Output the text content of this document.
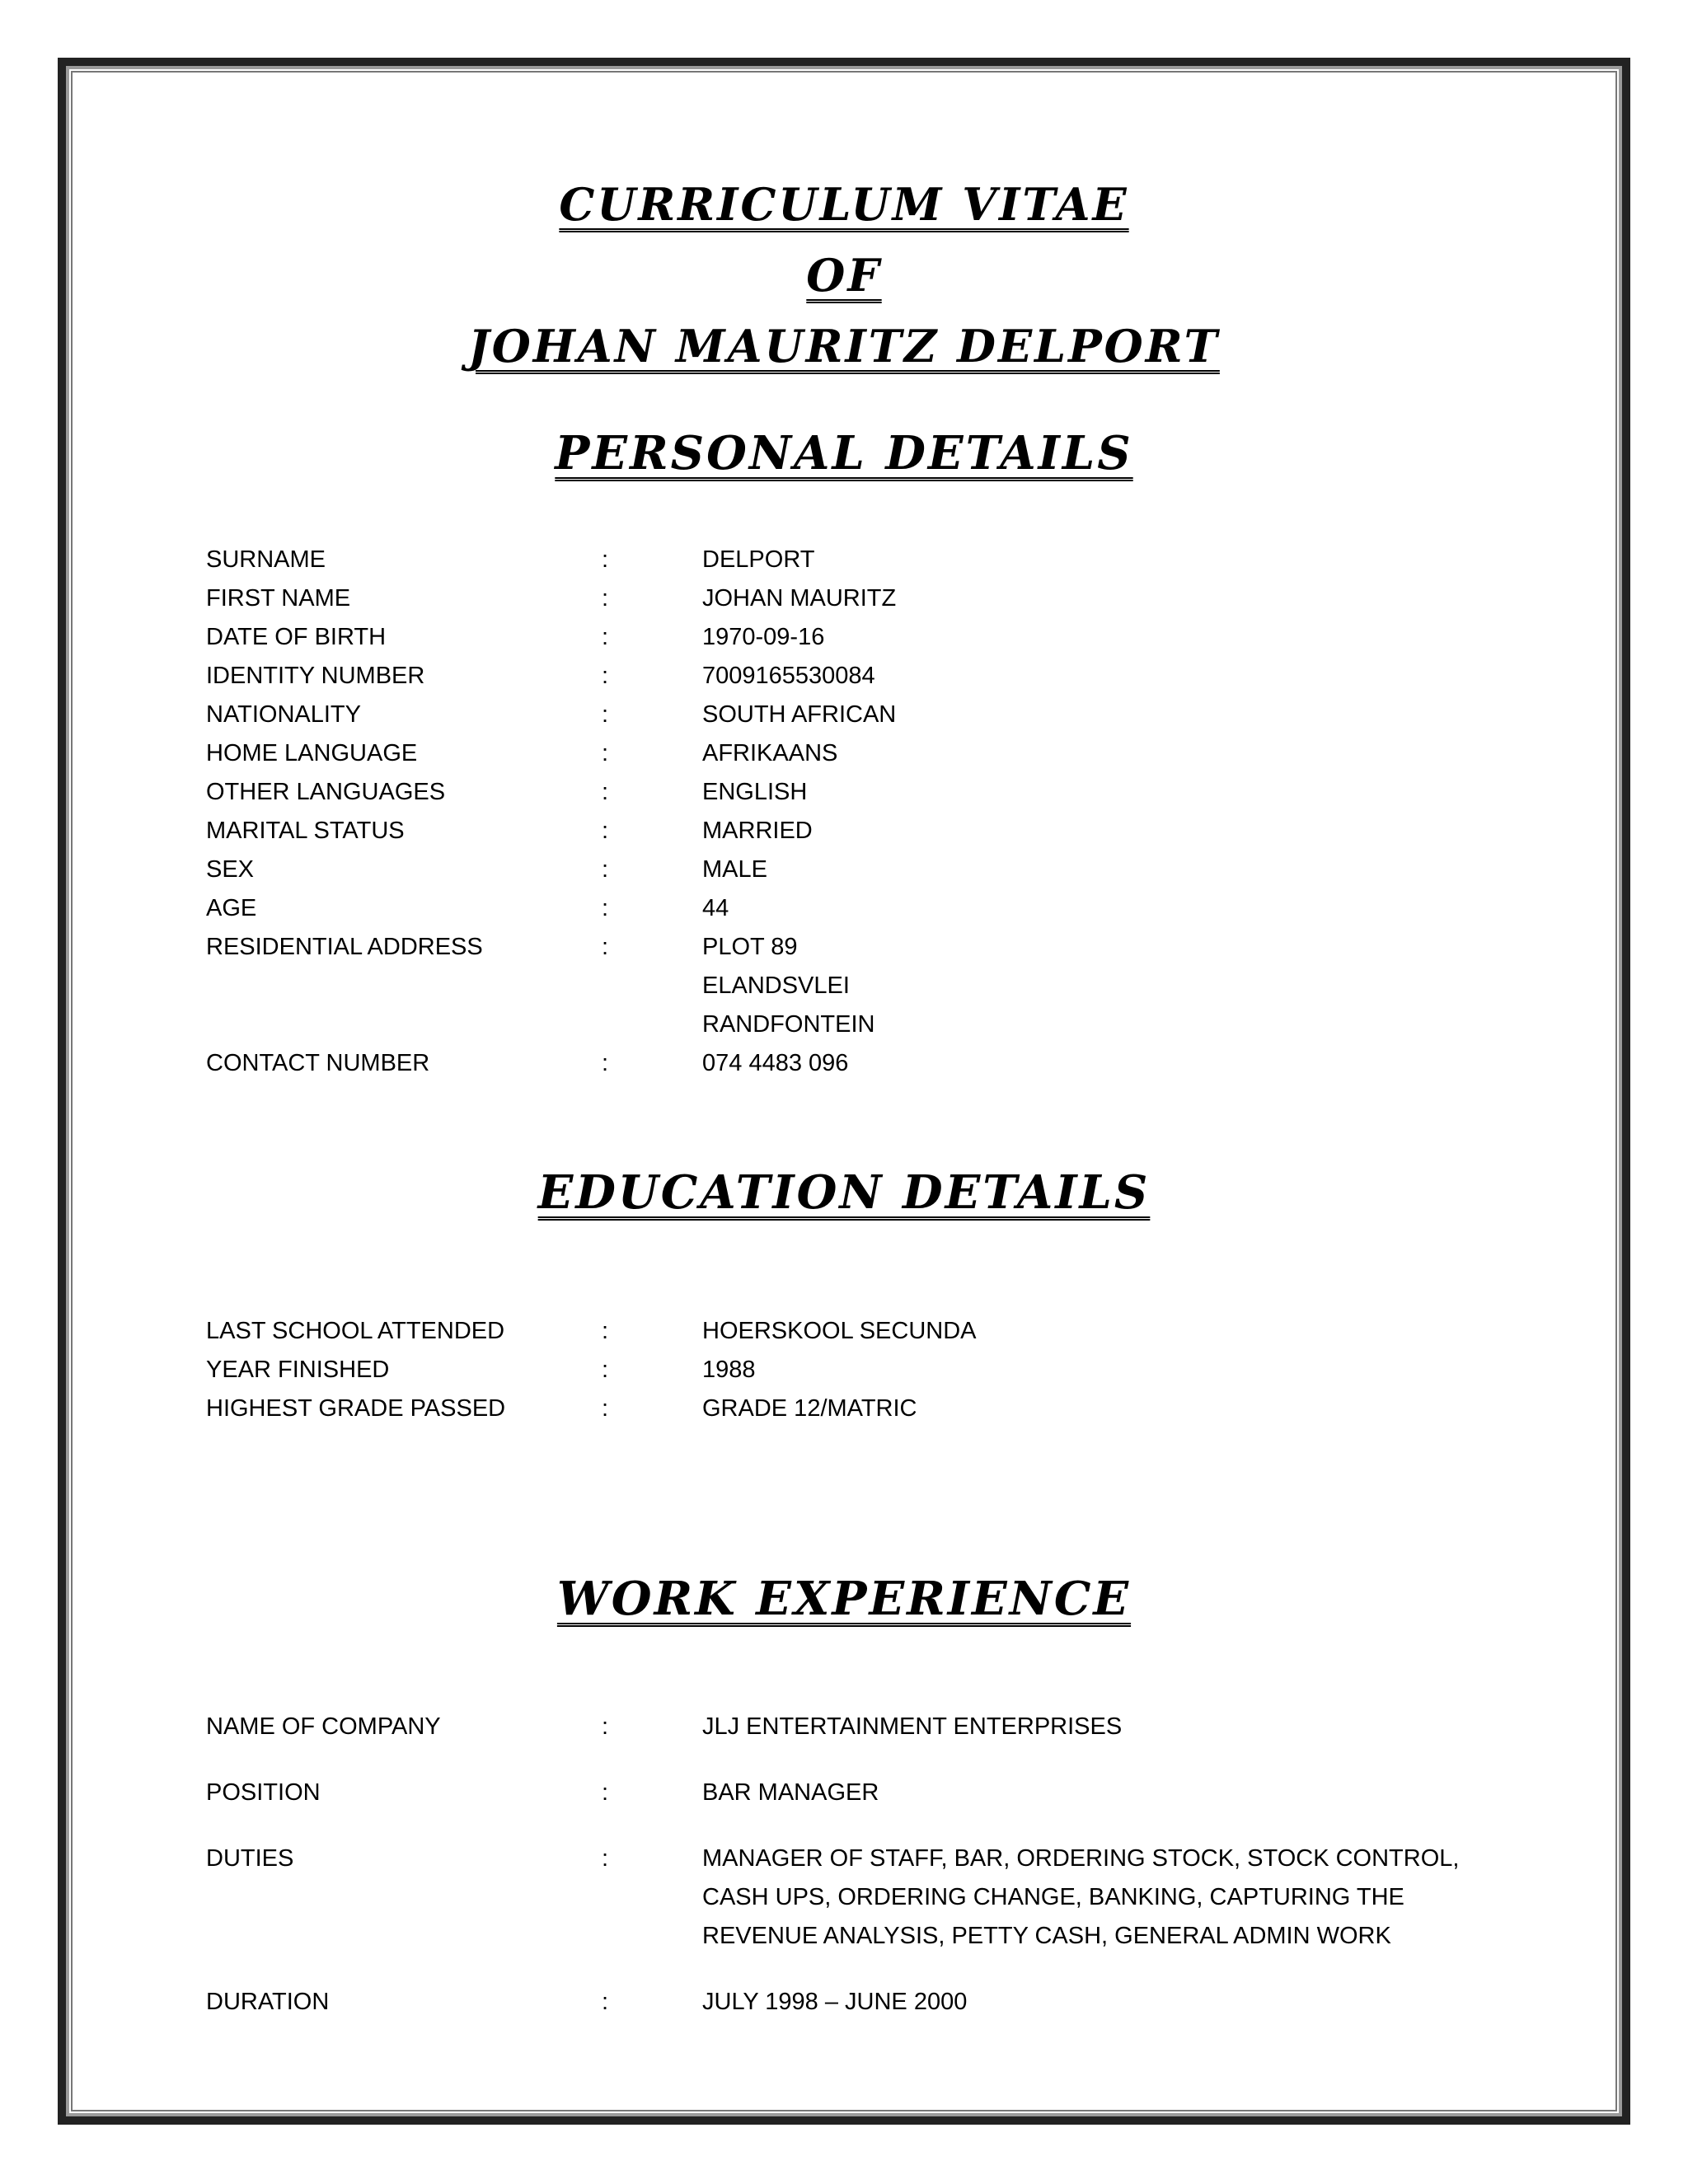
CURRICULUM VITAE
OF
JOHAN MAURITZ DELPORT
PERSONAL DETAILS
SURNAME	:	DELPORT
FIRST NAME	:	JOHAN MAURITZ
DATE OF BIRTH	:	1970-09-16
IDENTITY NUMBER	:	7009165530084
NATIONALITY	:	SOUTH AFRICAN
HOME LANGUAGE	:	AFRIKAANS
OTHER LANGUAGES	:	ENGLISH
MARITAL STATUS	:	MARRIED
SEX	:	MALE
AGE	:	44
RESIDENTIAL ADDRESS	:	PLOT 89
ELANDSVLEI
RANDFONTEIN
CONTACT NUMBER	:	074 4483 096
EDUCATION DETAILS
LAST SCHOOL ATTENDED	:	HOERSKOOL SECUNDA
YEAR FINISHED	:	1988
HIGHEST GRADE PASSED	:	GRADE 12/MATRIC
WORK EXPERIENCE
NAME OF COMPANY	:	JLJ ENTERTAINMENT ENTERPRISES
POSITION	:	BAR MANAGER
DUTIES	:	MANAGER OF STAFF, BAR, ORDERING STOCK, STOCK CONTROL,
CASH UPS, ORDERING CHANGE, BANKING, CAPTURING THE
REVENUE ANALYSIS, PETTY CASH, GENERAL ADMIN WORK
DURATION	:	JULY 1998 – JUNE 2000
